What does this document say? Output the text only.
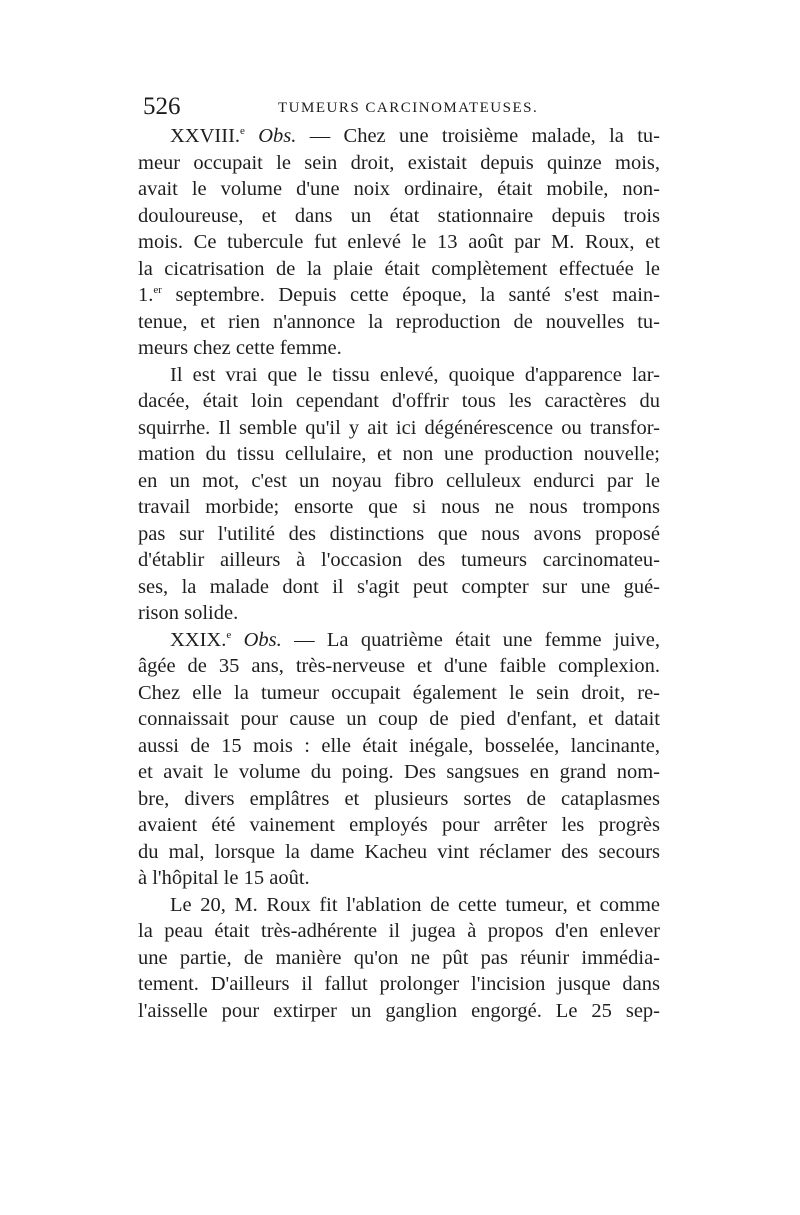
526	TUMEURS CARCINOMATEUSES.
XXVIII.$^e$ Obs. — Chez une troisième malade, la tu-
meur occupait le sein droit, existait depuis quinze mois,
avait le volume d'une noix ordinaire, était mobile, non-
douloureuse, et dans un état stationnaire depuis trois
mois. Ce tubercule fut enlevé le 13 août par M. Roux, et
la cicatrisation de la plaie était complètement effectuée le
1.$^{er}$ septembre. Depuis cette époque, la santé s'est main-
tenue, et rien n'annonce la reproduction de nouvelles tu-
meurs chez cette femme.
Il est vrai que le tissu enlevé, quoique d'apparence lar-
dacée, était loin cependant d'offrir tous les caractères du
squirrhe. Il semble qu'il y ait ici dégénérescence ou transfor-
mation du tissu cellulaire, et non une production nouvelle;
en un mot, c'est un noyau fibro celluleux endurci par le
travail morbide; ensorte que si nous ne nous trompons
pas sur l'utilité des distinctions que nous avons proposé
d'établir ailleurs à l'occasion des tumeurs carcinomateu-
ses, la malade dont il s'agit peut compter sur une gué-
rison solide.
XXIX.$^e$ Obs. — La quatrième était une femme juive,
âgée de 35 ans, très-nerveuse et d'une faible complexion.
Chez elle la tumeur occupait également le sein droit, re-
connaissait pour cause un coup de pied d'enfant, et datait
aussi de 15 mois : elle était inégale, bosselée, lancinante,
et avait le volume du poing. Des sangsues en grand nom-
bre, divers emplâtres et plusieurs sortes de cataplasmes
avaient été vainement employés pour arrêter les progrès
du mal, lorsque la dame Kacheu vint réclamer des secours
à l'hôpital le 15 août.
Le 20, M. Roux fit l'ablation de cette tumeur, et comme
la peau était très-adhérente il jugea à propos d'en enlever
une partie, de manière qu'on ne pût pas réunir immédia-
tement. D'ailleurs il fallut prolonger l'incision jusque dans
l'aisselle pour extirper un ganglion engorgé. Le 25 sep-
